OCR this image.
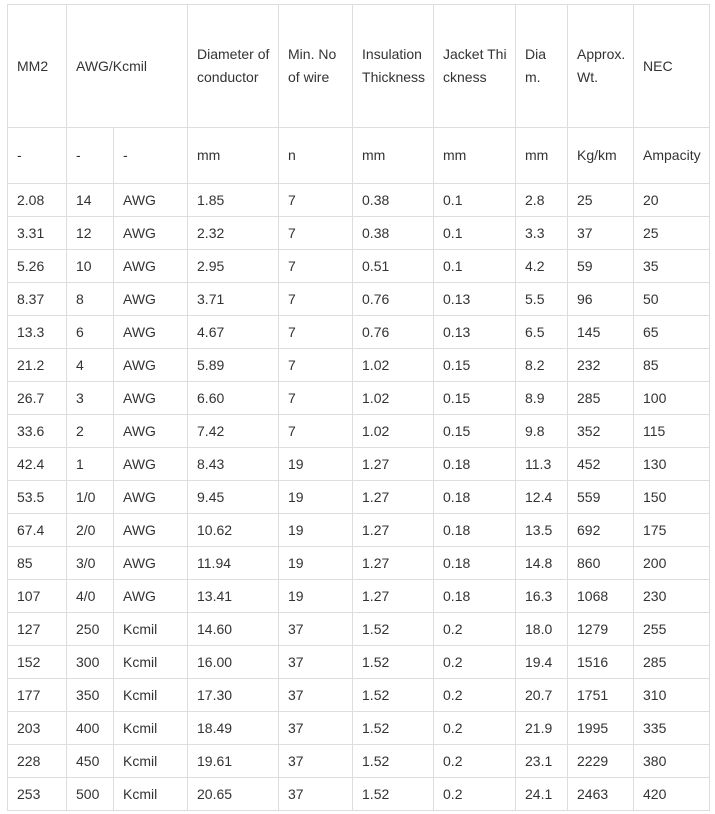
MM2	AWG/Kcmil		Diameter of conductor	Min. No of wire	Insulation Thickness	Jacket Thickness	Diam.	Approx. Wt.	NEC
-	-	-	mm	n	mm	mm	mm	Kg/km	Ampacity
2.08	14	AWG	1.85	7	0.38	0.1	2.8	25	20
3.31	12	AWG	2.32	7	0.38	0.1	3.3	37	25
5.26	10	AWG	2.95	7	0.51	0.1	4.2	59	35
8.37	8	AWG	3.71	7	0.76	0.13	5.5	96	50
13.3	6	AWG	4.67	7	0.76	0.13	6.5	145	65
21.2	4	AWG	5.89	7	1.02	0.15	8.2	232	85
26.7	3	AWG	6.60	7	1.02	0.15	8.9	285	100
33.6	2	AWG	7.42	7	1.02	0.15	9.8	352	115
42.4	1	AWG	8.43	19	1.27	0.18	11.3	452	130
53.5	1/0	AWG	9.45	19	1.27	0.18	12.4	559	150
67.4	2/0	AWG	10.62	19	1.27	0.18	13.5	692	175
85	3/0	AWG	11.94	19	1.27	0.18	14.8	860	200
107	4/0	AWG	13.41	19	1.27	0.18	16.3	1068	230
127	250	Kcmil	14.60	37	1.52	0.2	18.0	1279	255
152	300	Kcmil	16.00	37	1.52	0.2	19.4	1516	285
177	350	Kcmil	17.30	37	1.52	0.2	20.7	1751	310
203	400	Kcmil	18.49	37	1.52	0.2	21.9	1995	335
228	450	Kcmil	19.61	37	1.52	0.2	23.1	2229	380
253	500	Kcmil	20.65	37	1.52	0.2	24.1	2463	420
